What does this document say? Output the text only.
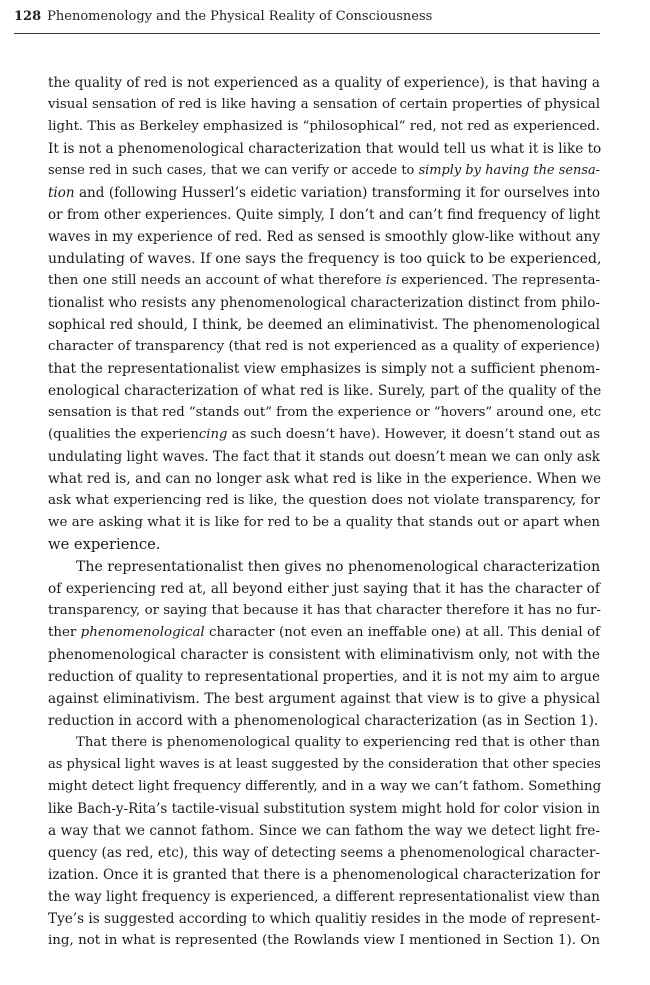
128 Phenomenology and the Physical Reality of Consciousness
the quality of red is not experienced as a quality of experience), is that having a
visual sensation of red is like having a sensation of certain properties of physical
light. This as Berkeley emphasized is “philosophical” red, not red as experienced.
It is not a phenomenological characterization that would tell us what it is like to
sense red in such cases, that we can verify or accede to simply by having the sensa-
tion and (following Husserl’s eidetic variation) transforming it for ourselves into
or from other experiences. Quite simply, I don’t and can’t find frequency of light
waves in my experience of red. Red as sensed is smoothly glow-like without any
undulating of waves. If one says the frequency is too quick to be experienced,
then one still needs an account of what therefore is experienced. The representa-
tionalist who resists any phenomenological characterization distinct from philo-
sophical red should, I think, be deemed an eliminativist. The phenomenological
character of transparency (that red is not experienced as a quality of experience)
that the representationalist view emphasizes is simply not a sufficient phenom-
enological characterization of what red is like. Surely, part of the quality of the
sensation is that red “stands out” from the experience or “hovers” around one, etc
(qualities the experiencing as such doesn’t have). However, it doesn’t stand out as
undulating light waves. The fact that it stands out doesn’t mean we can only ask
what red is, and can no longer ask what red is like in the experience. When we
ask what experiencing red is like, the question does not violate transparency, for
we are asking what it is like for red to be a quality that stands out or apart when
we experience.
The representationalist then gives no phenomenological characterization
of experiencing red at, all beyond either just saying that it has the character of
transparency, or saying that because it has that character therefore it has no fur-
ther phenomenological character (not even an ineffable one) at all. This denial of
phenomenological character is consistent with eliminativism only, not with the
reduction of quality to representational properties, and it is not my aim to argue
against eliminativism. The best argument against that view is to give a physical
reduction in accord with a phenomenological characterization (as in Section 1).
That there is phenomenological quality to experiencing red that is other than
as physical light waves is at least suggested by the consideration that other species
might detect light frequency differently, and in a way we can’t fathom. Something
like Bach-y-Rita’s tactile-visual substitution system might hold for color vision in
a way that we cannot fathom. Since we can fathom the way we detect light fre-
quency (as red, etc), this way of detecting seems a phenomenological character-
ization. Once it is granted that there is a phenomenological characterization for
the way light frequency is experienced, a different representationalist view than
Tye’s is suggested according to which qualitiy resides in the mode of represent-
ing, not in what is represented (the Rowlands view I mentioned in Section 1). On
